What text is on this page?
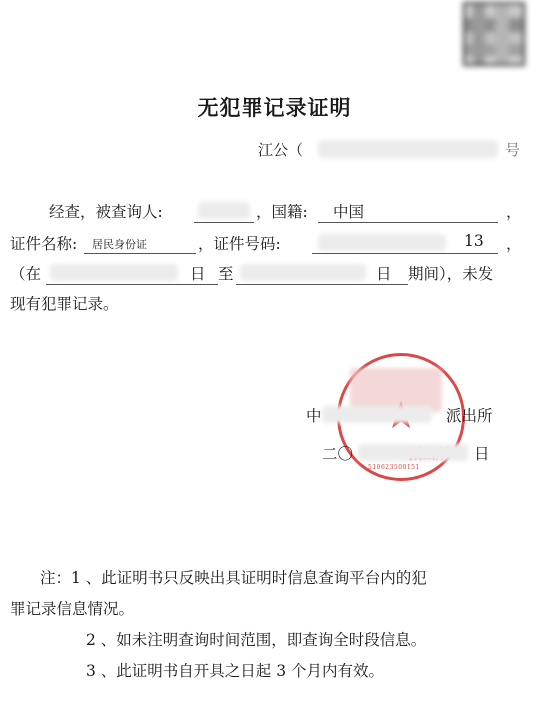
无犯罪记录证明
江公（	号
经查，被查询人:	，国籍: 中国	，
证件名称: 居民身份证	，证件号码:	13 ，
（在	日 至	日 期间），未发
现有犯罪记录。
510623500151
中	派出所
二〇	日
注：1 、此证明书只反映出具证明时信息查询平台内的犯
罪记录信息情况。
2 、如未注明查询时间范围，即查询全时段信息。
3 、此证明书自开具之日起 3 个月内有效。
